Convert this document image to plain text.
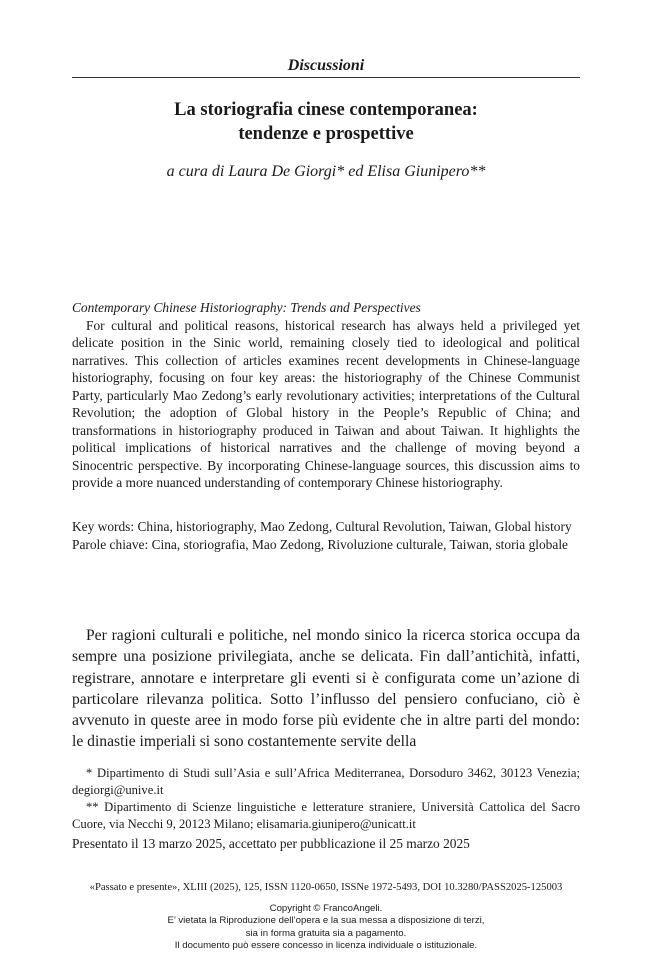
Discussioni
La storiografia cinese contemporanea:
tendenze e prospettive
a cura di Laura De Giorgi* ed Elisa Giunipero**
Contemporary Chinese Historiography: Trends and Perspectives

For cultural and political reasons, historical research has always held a privileged yet delicate position in the Sinic world, remaining closely tied to ideological and political narratives. This collection of articles examines recent developments in Chinese-language historiography, focusing on four key areas: the historiography of the Chinese Communist Party, particularly Mao Zedong’s early revolutionary activities; interpretations of the Cultural Revolution; the adoption of Global history in the People’s Republic of China; and transformations in historiography produced in Taiwan and about Taiwan. It highlights the political implications of historical narratives and the challenge of moving beyond a Sinocentric perspective. By incorporating Chinese-language sources, this discussion aims to provide a more nuanced understanding of contemporary Chinese historiography.

Key words: China, historiography, Mao Zedong, Cultural Revolution, Taiwan, Global history

Parole chiave: Cina, storiografia, Mao Zedong, Rivoluzione culturale, Taiwan, storia globale

Per ragioni culturali e politiche, nel mondo sinico la ricerca storica occupa da sempre una posizione privilegiata, anche se delicata. Fin dall’antichità, infatti, registrare, annotare e interpretare gli eventi si è configurata come un’azione di particolare rilevanza politica. Sotto l’influsso del pensiero confuciano, ciò è avvenuto in queste aree in modo forse più evidente che in altre parti del mondo: le dinastie imperiali si sono costantemente servite della

* Dipartimento di Studi sull’Asia e sull’Africa Mediterranea, Dorsoduro 3462, 30123 Venezia; degiorgi@unive.it

** Dipartimento di Scienze linguistiche e letterature straniere, Università Cattolica del Sacro Cuore, via Necchi 9, 20123 Milano; elisamaria.giunipero@unicatt.it

Presentato il 13 marzo 2025, accettato per pubblicazione il 25 marzo 2025
«Passato e presente», XLIII (2025), 125, ISSN 1120-0650, ISSNe 1972-5493, DOI 10.3280/PASS2025-125003
Copyright © FrancoAngeli.
E’ vietata la Riproduzione dell’opera e la sua messa a disposizione di terzi,
sia in forma gratuita sia a pagamento.
Il documento può essere concesso in licenza individuale o istituzionale.
